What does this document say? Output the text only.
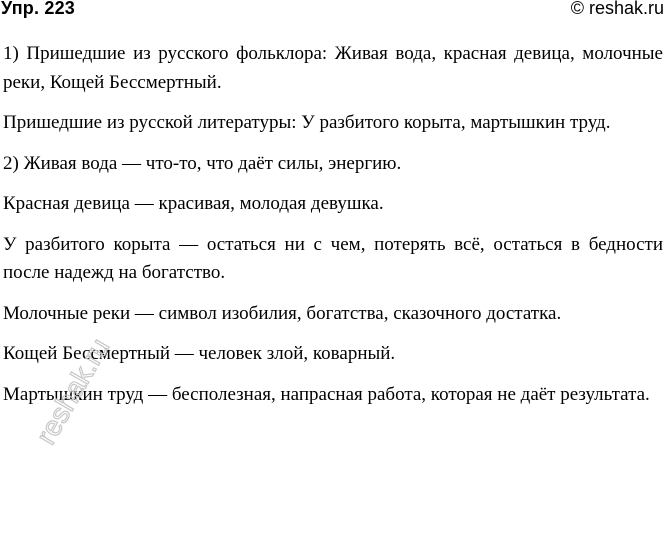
Упр. 223	© reshak.ru

1) Пришедшие из русского фольклора: Живая вода, красная девица, молочные реки, Кощей Бессмертный.

Пришедшие из русской литературы: У разбитого корыта, мартышкин труд.

2) Живая вода — что-то, что даёт силы, энергию.

Красная девица — красивая, молодая девушка.

У разбитого корыта — остаться ни с чем, потерять всё, остаться в бедности после надежд на богатство.

Молочные реки — символ изобилия, богатства, сказочного достатка.

Кощей Бессмертный — человек злой, коварный.

Мартышкин труд — бесполезная, напрасная работа, которая не даёт результата.

reshak.ru
